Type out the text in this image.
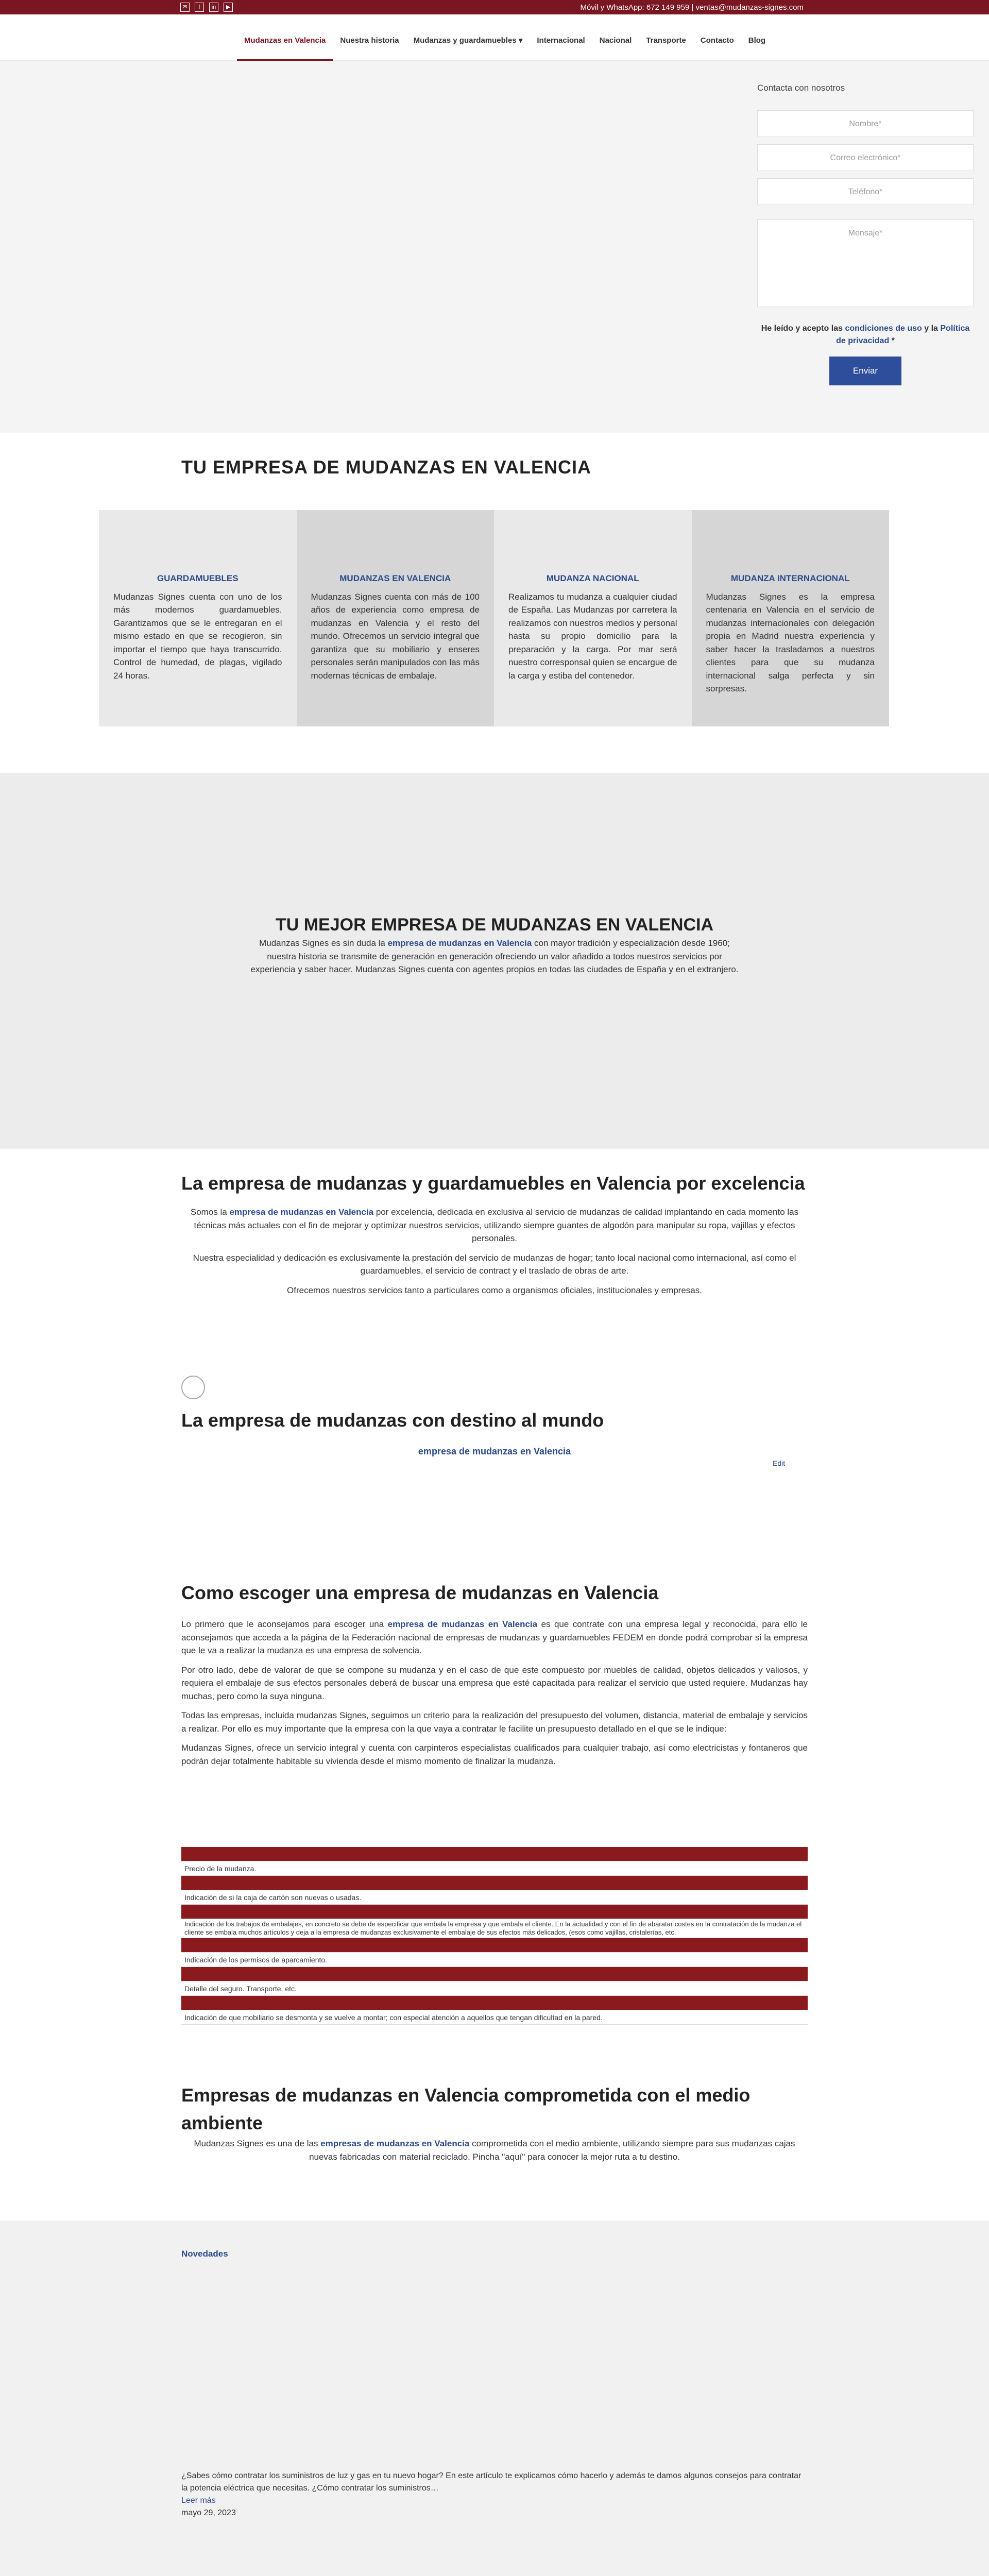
✉	f	in	▶	Móvil y WhatsApp: 672 149 959 | ventas@mudanzas-signes.com
Mudanzas en Valencia	Nuestra historia	Mudanzas y guardamuebles ▾	Internacional	Nacional	Transporte	Contacto	Blog
Contacta con nosotros
Nombre*
Correo electrónico*
Teléfono*
Mensaje*
He leído y acepto las condiciones de uso y la Política de privacidad *
Enviar
TU EMPRESA DE MUDANZAS EN VALENCIA
GUARDAMUEBLES

Mudanzas Signes cuenta con uno de los más modernos guardamuebles. Garantizamos que se le entregaran en el mismo estado en que se recogieron, sin importar el tiempo que haya transcurrido. Control de humedad, de plagas, vigilado 24 horas.

MUDANZAS EN VALENCIA

Mudanzas Signes cuenta con más de 100 años de experiencia como empresa de mudanzas en Valencia y el resto del mundo. Ofrecemos un servicio integral que garantiza que su mobiliario y enseres personales serán manipulados con las más modernas técnicas de embalaje.

MUDANZA NACIONAL

Realizamos tu mudanza a cualquier ciudad de España. Las Mudanzas por carretera la realizamos con nuestros medios y personal hasta su propio domicilio para la preparación y la carga. Por mar será nuestro corresponsal quien se encargue de la carga y estiba del contenedor.

MUDANZA INTERNACIONAL

Mudanzas Signes es la empresa centenaria en Valencia en el servicio de mudanzas internacionales con delegación propia en Madrid nuestra experiencia y saber hacer la trasladamos a nuestros clientes para que su mudanza internacional salga perfecta y sin sorpresas.

TU MEJOR EMPRESA DE MUDANZAS EN VALENCIA

Mudanzas Signes es sin duda la empresa de mudanzas en Valencia con mayor tradición y especialización desde 1960; nuestra historia se transmite de generación en generación ofreciendo un valor añadido a todos nuestros servicios por experiencia y saber hacer. Mudanzas Signes cuenta con agentes propios en todas las ciudades de España y en el extranjero.

La empresa de mudanzas y guardamuebles en Valencia por excelencia

Somos la empresa de mudanzas en Valencia por excelencia, dedicada en exclusiva al servicio de mudanzas de calidad implantando en cada momento las técnicas más actuales con el fin de mejorar y optimizar nuestros servicios, utilizando siempre guantes de algodón para manipular su ropa, vajillas y efectos personales.

Nuestra especialidad y dedicación es exclusivamente la prestación del servicio de mudanzas de hogar; tanto local nacional como internacional, así como el guardamuebles, el servicio de contract y el traslado de obras de arte.

Ofrecemos nuestros servicios tanto a particulares como a organismos oficiales, institucionales y empresas.

La empresa de mudanzas con destino al mundo
empresa de mudanzas en Valencia
Edit
Como escoger una empresa de mudanzas en Valencia

Lo primero que le aconsejamos para escoger una empresa de mudanzas en Valencia es que contrate con una empresa legal y reconocida, para ello le aconsejamos que acceda a la página de la Federación nacional de empresas de mudanzas y guardamuebles FEDEM en donde podrá comprobar si la empresa que le va a realizar la mudanza es una empresa de solvencia.

Por otro lado, debe de valorar de que se compone su mudanza y en el caso de que este compuesto por muebles de calidad, objetos delicados y valiosos, y requiera el embalaje de sus efectos personales deberá de buscar una empresa que esté capacitada para realizar el servicio que usted requiere. Mudanzas hay muchas, pero como la suya ninguna.

Todas las empresas, incluida mudanzas Signes, seguimos un criterio para la realización del presupuesto del volumen, distancia, material de embalaje y servicios a realizar. Por ello es muy importante que la empresa con la que vaya a contratar le facilite un presupuesto detallado en el que se le indique:

Mudanzas Signes, ofrece un servicio integral y cuenta con carpinteros especialistas cualificados para cualquier trabajo, así como electricistas y fontaneros que podrán dejar totalmente habitable su vivienda desde el mismo momento de finalizar la mudanza.

Precio de la mudanza.
Indicación de si la caja de cartón son nuevas o usadas.
Indicación de los trabajos de embalajes, en concreto se debe de especificar que embala la empresa y que embala el cliente. En la actualidad y con el fin de abaratar costes en la contratación de la mudanza el cliente se embala muchos artículos y deja a la empresa de mudanzas exclusivamente el embalaje de sus efectos más delicados, (esos como vajillas, cristalerías, etc.
Indicación de los permisos de aparcamiento.
Detalle del seguro. Transporte, etc.
Indicación de que mobiliario se desmonta y se vuelve a montar; con especial atención a aquellos que tengan dificultad en la pared.
Empresas de mudanzas en Valencia comprometida con el medio ambiente

Mudanzas Signes es una de las empresas de mudanzas en Valencia comprometida con el medio ambiente, utilizando siempre para sus mudanzas cajas nuevas fabricadas con material reciclado. Pincha "aquí" para conocer la mejor ruta a tu destino.

Novedades
¿Sabes cómo contratar los suministros de luz y gas en tu nuevo hogar? En este artículo te explicamos cómo hacerlo y además te damos algunos consejos para contratar la potencia eléctrica que necesitas. ¿Cómo contratar los suministros…
Leer más
mayo 29, 2023
